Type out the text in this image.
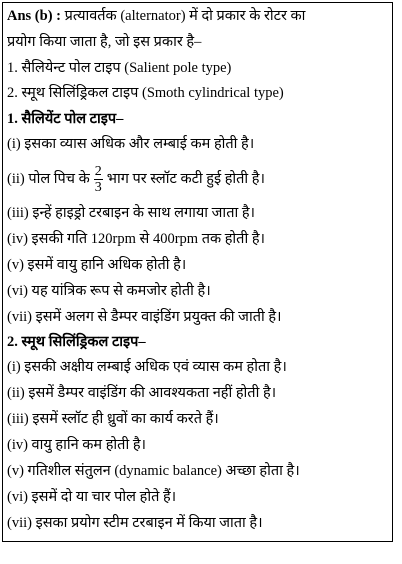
Ans (b) : प्रत्यावर्तक (alternator) में दो प्रकार के रोटर का
प्रयोग किया जाता है, जो इस प्रकार है–
1. सैलियेन्ट पोल टाइप (Salient pole type)
2. स्मूथ सिलिंड्रिकल टाइप (Smoth cylindrical type)
1. सैलियेंट पोल टाइप–
(i) इसका व्यास अधिक और लम्बाई कम होती है।
(ii) पोल पिच के $\frac{2}{3}$ भाग पर स्लॉट कटी हुई होती है।
(iii) इन्हें हाइड्रो टरबाइन के साथ लगाया जाता है।
(iv) इसकी गति 120rpm से 400rpm तक होती है।
(v) इसमें वायु हानि अधिक होती है।
(vi) यह यांत्रिक रूप से कमजोर होती है।
(vii) इसमें अलग से डैम्पर वाइंडिंग प्रयुक्त की जाती है।
2. स्मूथ सिलिंड्रिकल टाइप–
(i) इसकी अक्षीय लम्बाई अधिक एवं व्यास कम होता है।
(ii) इसमें डैम्पर वाइंडिंग की आवश्यकता नहीं होती है।
(iii) इसमें स्लॉट ही ध्रुवों का कार्य करते हैं।
(iv) वायु हानि कम होती है।
(v) गतिशील संतुलन (dynamic balance) अच्छा होता है।
(vi) इसमें दो या चार पोल होते हैं।
(vii) इसका प्रयोग स्टीम टरबाइन में किया जाता है।
